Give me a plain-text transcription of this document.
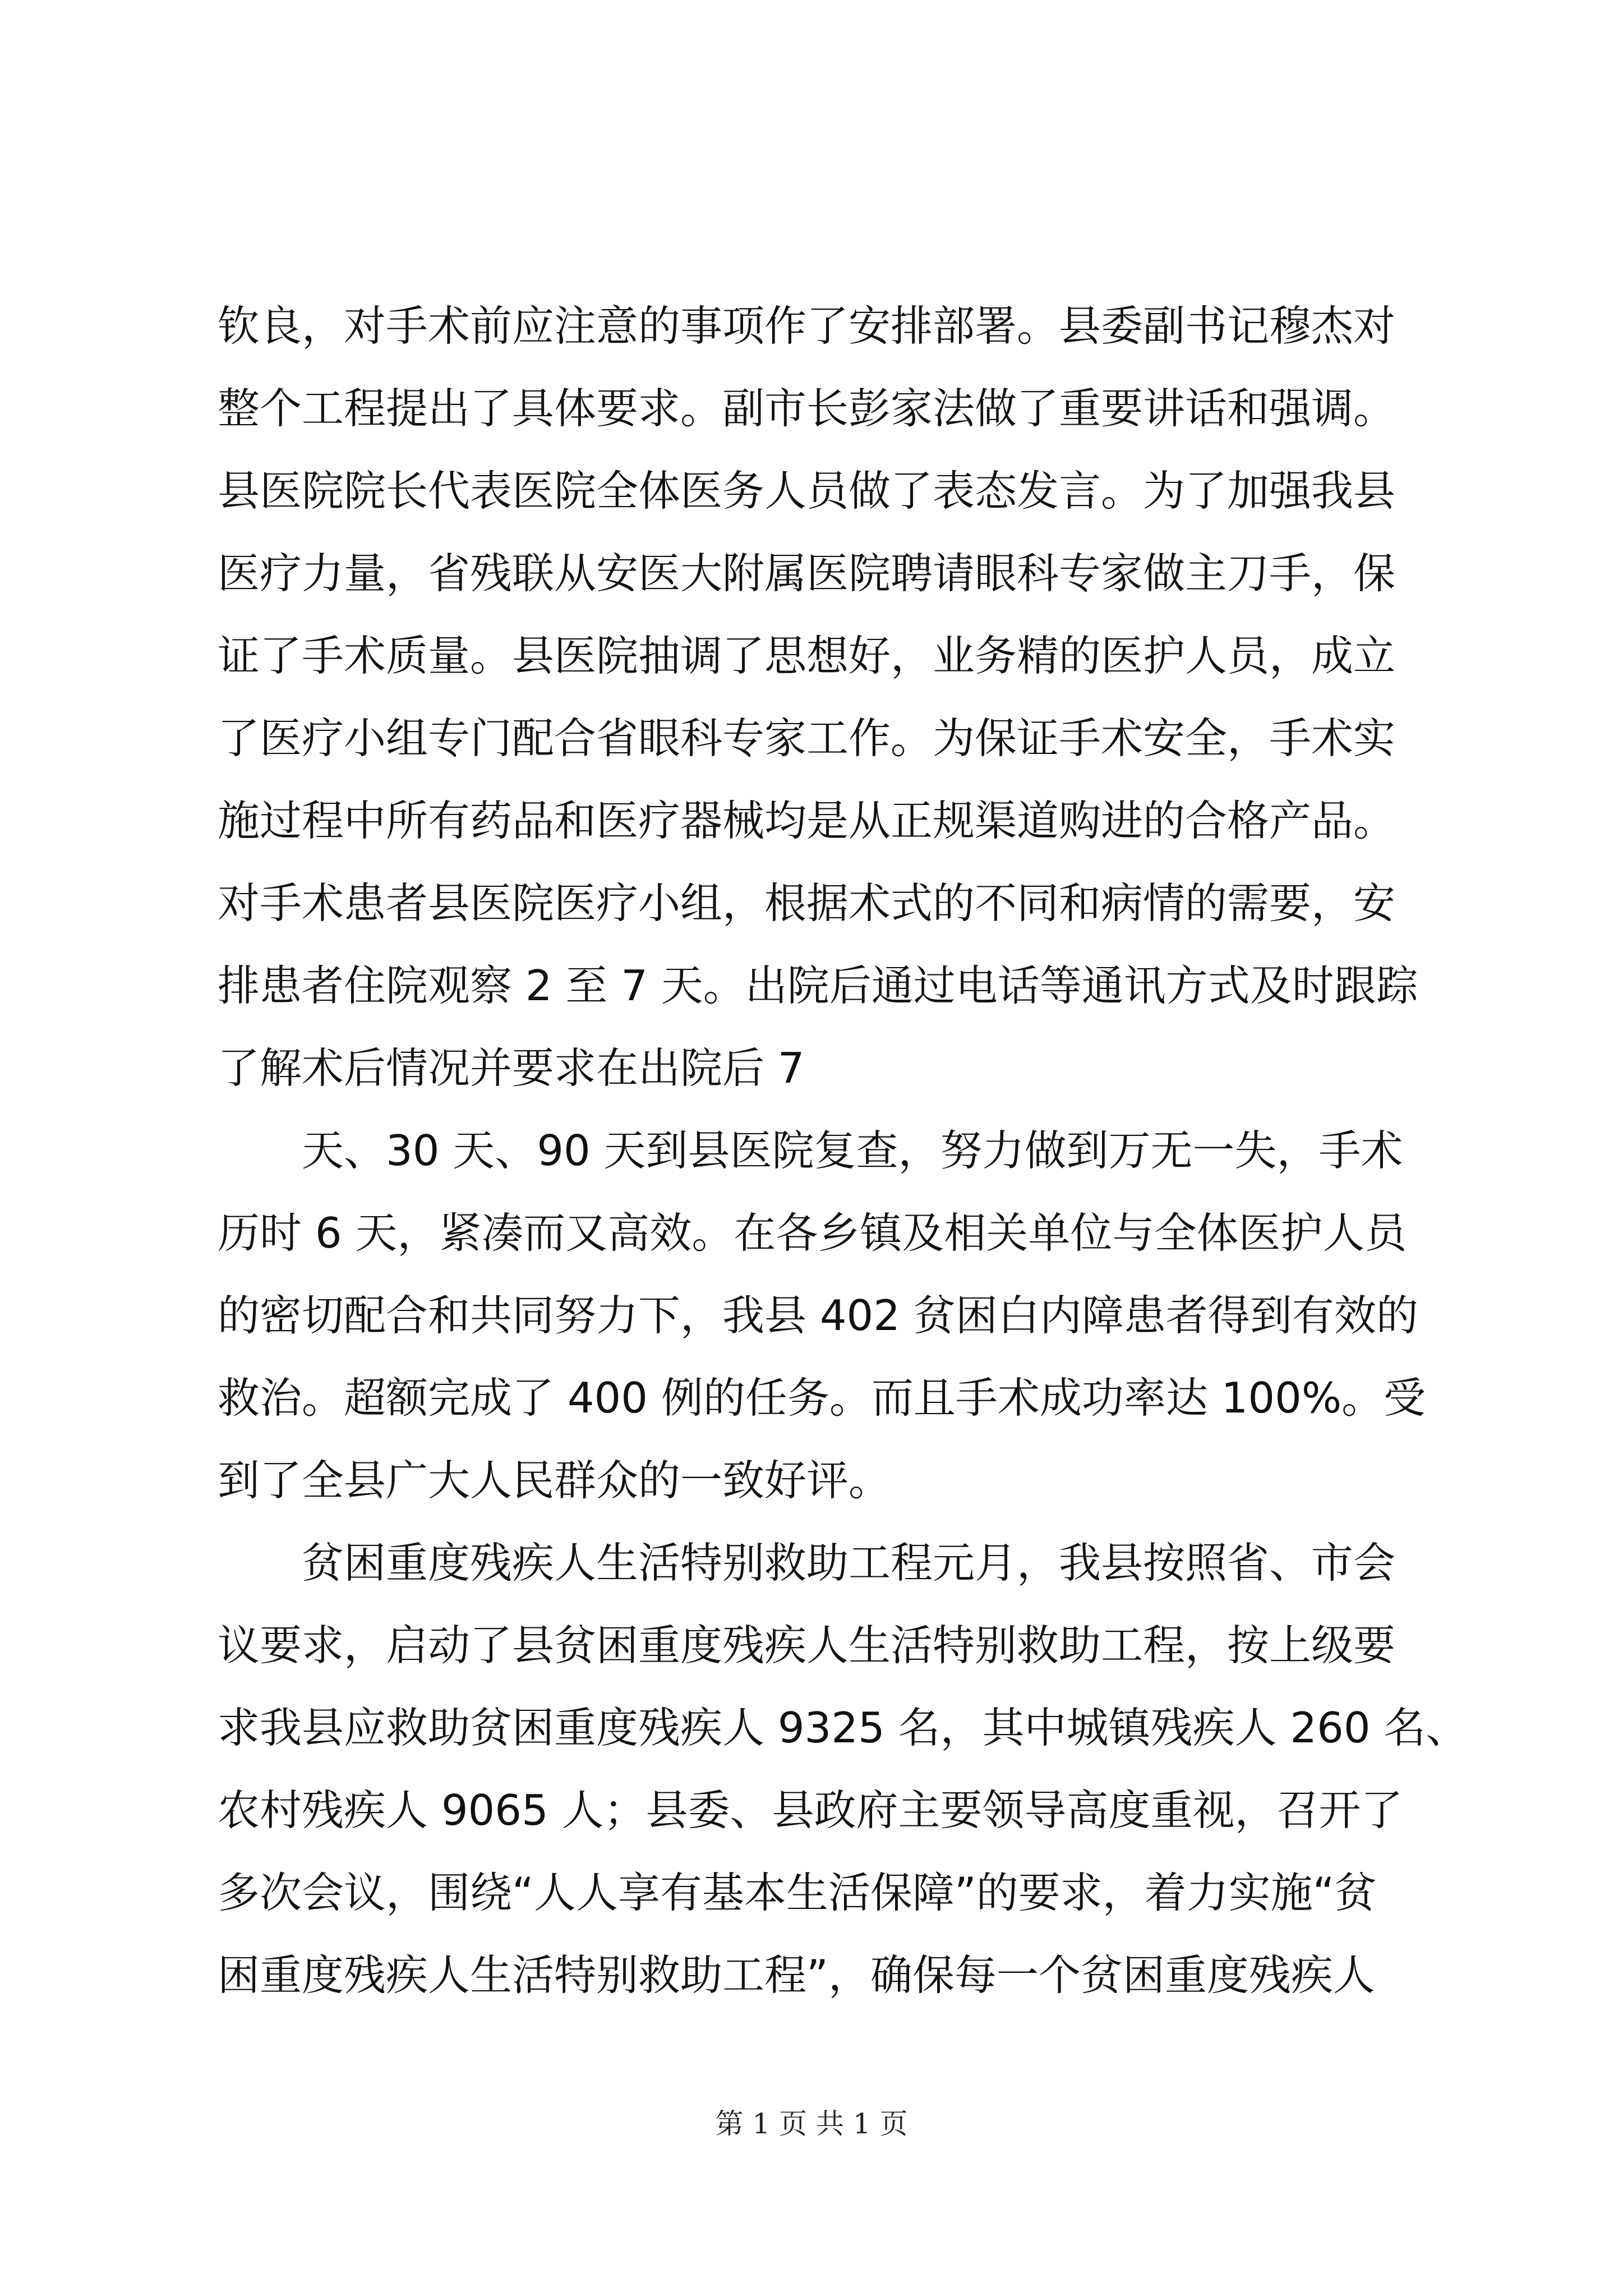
钦良，对手术前应注意的事项作了安排部署。县委副书记穆杰对
整个工程提出了具体要求。副市长彭家法做了重要讲话和强调。
县医院院长代表医院全体医务人员做了表态发言。为了加强我县
医疗力量，省残联从安医大附属医院聘请眼科专家做主刀手，保
证了手术质量。县医院抽调了思想好，业务精的医护人员，成立
了医疗小组专门配合省眼科专家工作。为保证手术安全，手术实
施过程中所有药品和医疗器械均是从正规渠道购进的合格产品。
对手术患者县医院医疗小组，根据术式的不同和病情的需要，安
排患者住院观察 2 至 7 天。出院后通过电话等通讯方式及时跟踪
了解术后情况并要求在出院后 7
　　天、30 天、90 天到县医院复查，努力做到万无一失，手术
历时 6 天，紧凑而又高效。在各乡镇及相关单位与全体医护人员
的密切配合和共同努力下，我县 402 贫困白内障患者得到有效的
救治。超额完成了 400 例的任务。而且手术成功率达 100%。受
到了全县广大人民群众的一致好评。
　　贫困重度残疾人生活特别救助工程元月，我县按照省、市会
议要求，启动了县贫困重度残疾人生活特别救助工程，按上级要
求我县应救助贫困重度残疾人 9325 名，其中城镇残疾人 260 名、
农村残疾人 9065 人；县委、县政府主要领导高度重视，召开了
多次会议，围绕“人人享有基本生活保障”的要求，着力实施“贫
困重度残疾人生活特别救助工程”，确保每一个贫困重度残疾人
第 1 页 共 1 页
